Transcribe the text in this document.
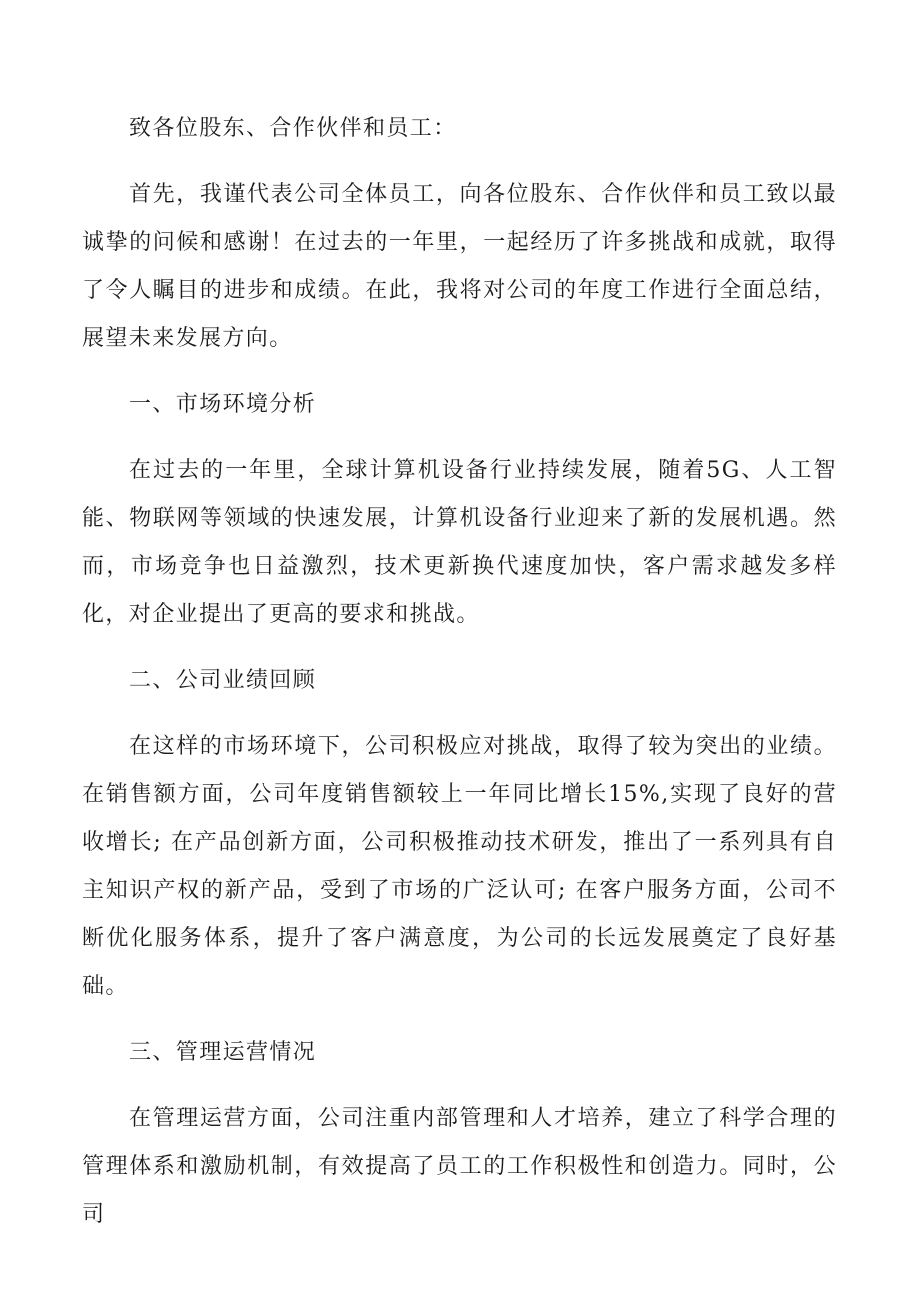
致各位股东、合作伙伴和员工：

首先，我谨代表公司全体员工，向各位股东、合作伙伴和员工致以最诚挚的问候和感谢！在过去的一年里，一起经历了许多挑战和成就，取得了令人瞩目的进步和成绩。在此，我将对公司的年度工作进行全面总结，展望未来发展方向。

一、市场环境分析

在过去的一年里，全球计算机设备行业持续发展，随着5G、人工智能、物联网等领域的快速发展，计算机设备行业迎来了新的发展机遇。然而，市场竞争也日益激烈，技术更新换代速度加快，客户需求越发多样化，对企业提出了更高的要求和挑战。

二、公司业绩回顾

在这样的市场环境下，公司积极应对挑战，取得了较为突出的业绩。在销售额方面，公司年度销售额较上一年同比增长15%,实现了良好的营收增长; 在产品创新方面，公司积极推动技术研发，推出了一系列具有自主知识产权的新产品，受到了市场的广泛认可; 在客户服务方面，公司不断优化服务体系，提升了客户满意度，为公司的长远发展奠定了良好基础。

三、管理运营情况

在管理运营方面，公司注重内部管理和人才培养，建立了科学合理的管理体系和激励机制，有效提高了员工的工作积极性和创造力。同时，公司
